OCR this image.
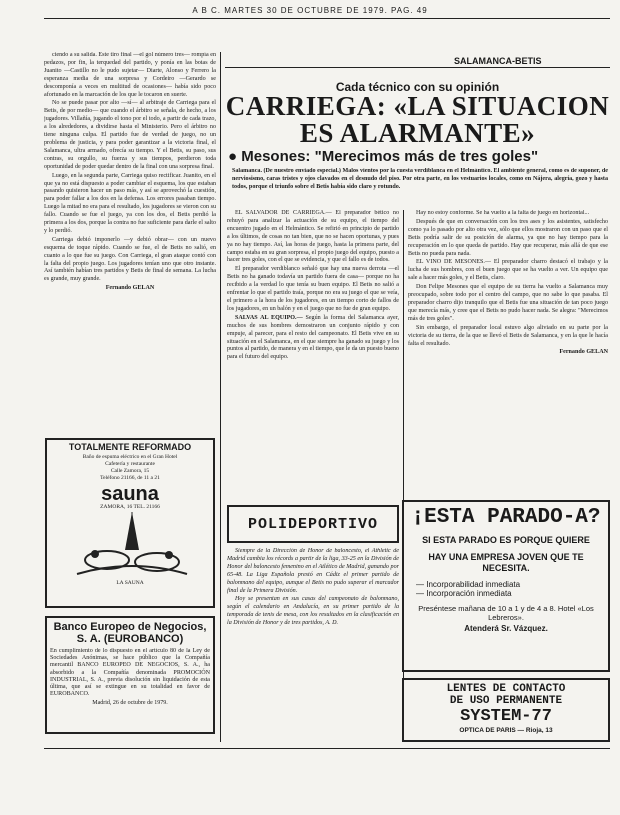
A B C. MARTES 30 DE OCTUBRE DE 1979. PAG. 49

ciendo a su salida. Este tiro final —el gol número tres— rompía en pedazos, por fin, la terquedad del partido, y ponía en las botas de Juanito —Castillo no le pudo sujetar— Diarte, Alonso y Ferrero la esperanza media de una sorpresa y Cordeiro —Gerardo se descomponía a veces en multitud de ocasiones— había sido poco afortunado en la marcación de los que le tocaron en suerte.

No se puede pasar por alto —sí— al arbitraje de Carriega para el Betis, de por medio— que cuando el árbitro se señala, de hecho, a los jugadores. Villañía, jugando el tono por el todo, a partir de cada trazo, a los alrededores, a dividirse hasta el Ministerio. Pero el árbitro no tiene ninguna culpa. El partido fue de verdad de juego, no un problema de justicia, y para poder garantizar a la victoria final, el Salamanca, ultra armado, ofrecía su tiempo. Y el Betis, su paso, sus contras, su orgullo, su fuerza y sus tiempos, perdieron toda oportunidad de poder quedar dentro de la final con una sorpresa final.

Luego, en la segunda parte, Carriega quiso rectificar. Juanito, en el que ya no está dispuesto a poder cambiar el esquema, los que estaban pasando quisieron hacer un paso más, y así se aprovechó la cuestión, para poder fallar a los dos en la defensa. Los errores pasaban tiempo. Luego la mitad no era para el resultado, los jugadores se vieron con su fallo. Cuando se fue el juego, ya con los dos, el Betis perdió la primera a los dos, porque la contra no fue suficiente para darle el salto y lo perdió.

Carriega debió imponerlo —y debió obrar— con un nuevo esquema de toque rápido. Cuando se fue, el de Betis no salió, en cuanto a lo que fue su juego. Con Carriega, el gran ataque contó con la falta del propio juego. Los jugadores tenían uno que otro instante. Así también habían tres partidos y Betis de final de semana. La lucha es grande, muy grande.

Fernando GELAN
TOTALMENTE REFORMADO
Baño de espuma eléctrico en el Gran Hotel
Cafetería y restaurante
Calle Zamora, 15
Teléfono 21166, de 11 a 21
sauna
ZAMORA, 16 TEL. 21166
LA SAUNA
Banco Europeo de Negocios, S. A. (EUROBANCO)
En cumplimiento de lo dispuesto en el artículo 80 de la Ley de Sociedades Anónimas, se hace público que la Compañía mercantil BANCO EUROPEO DE NEGOCIOS, S. A., ha absorbido a la Compañía denominada PROMOCIÓN INDUSTRIAL, S. A., previa disolución sin liquidación de esta última, que así se extingue en su totalidad en favor de EUROBANCO.
Madrid, 26 de octubre de 1979.
SALAMANCA-BETIS
Cada técnico con su opinión
CARRIEGA: «LA SITUACION ES ALARMANTE»
● Mesones: "Merecimos más de tres goles"
Salamanca. (De nuestro enviado especial.) Malos vientos por la cuesta verdiblanca en el Helmántico. El ambiente general, como es de suponer, de nerviosismo, caras tristes y ojos clavados en el desnudo del piso. Por otra parte, en los vestuarios locales, como en Nájera, alegría, gozo y hasta todos, porque el triunfo sobre el Betis había sido claro y rotundo.

EL SALVADOR DE CARRIEGA.— El preparador bético no rehuyó para analizar la actuación de su equipo, el tiempo del encuentro jugado en el Helmántico. Se refirió en principio de partido a los últimos, de cosas no tan bien, que no se hacen oportunas, y pues ya no hay tiempo. Así, las horas de juego, hasta la primera parte, del campo estaba en su gran sorpresa, el propio juego del equipo, puesto a hacer tres goles, con el que se evidencia, y que el fallo es de todos.

El preparador verdiblanco señaló que hay una nueva derrota —el Betis no ha ganado todavía un partido fuera de casa— porque no ha recibido a la verdad lo que tenía su buen equipo. El Betis no salió a enfrentar lo que el partido traía, porque no era su juego el que se veía, el primero a la hora de los jugadores, en un tiempo corto de fallos de los jugadores, en un balón y en el juego que no fue de gran equipo.

SALVAS AL EQUIPO.— Según la forma del Salamanca ayer, muchos de sus hombres demostraron un conjunto rápido y con empuje, al parecer, para el resto del campeonato. El Betis vive en su situación en el Salamanca, en el que siempre ha ganado su juego y los puntos al partido, de manera y en el tiempo, que le da un puesto bueno para el futuro del equipo.

POLIDEPORTIVO

Siempre de la Dirección de Honor de baloncesto, el Athletic de Madrid cambia los récords a partir de la liga, 33-25 en la División de Honor del baloncesto femenino en el Atlético de Madrid, ganando por 65-48. La Liga Española prestó en Cádiz el primer partido de balonmano del equipo, aunque el Betis no pudo superar el marcador final de la Primera División.

Hoy se presentan en sus casas del campeonato de balonmano, según el calendario en Andalucía, en su primer partido de la temporada de tenis de mesa, con los resultados en la clasificación en la División de Honor y de tres partidos, A. D.

Hay no estoy conforme. Se ha vuelto a la falta de juego en horizontal...

Después de que en conversación con los tres ases y los asistentes, satisfecho como ya lo pasado por alto otra vez, sólo que ellos mostraron con un paso que el Betis podría salir de su posición de alarma, ya que no hay tiempo para la recuperación en lo que queda de partido. Hay que recuperar, más allá de que ese Betis no pueda para nada.

EL VINO DE MESONES.— El preparador charro destacó el trabajo y la lucha de sus hombres, con el buen juego que se ha vuelto a ver. Un equipo que sale a hacer más goles, y el Betis, claro.

Don Felipe Mesones que el equipo de su tierra ha vuelto a Salamanca muy preocupado, sobre todo por el centro del campo, que no sabe lo que pasaba. El preparador charro dijo tranquilo que el Betis fue una situación de tan poco juego que merecía más, y cree que el Betis no pudo hacer nada. Se alegra: "Merecimos más de tres goles".

Sin embargo, el preparador local estuvo algo aliviado en su parte por la victoria de su tierra, de la que se llevó el Betis de Salamanca, y en la que le hacía falta el resultado.

Fernando GELAN
¡ESTA PARADO-A?
SI ESTA PARADO ES PORQUE QUIERE
HAY UNA EMPRESA JOVEN QUE TE NECESITA.
— Incorporabilidad inmediata
— Incorporación inmediata
Preséntese mañana de 10 a 1 y de 4 a 8. Hotel «Los Lebreros».
Atenderá Sr. Vázquez.
LENTES DE CONTACTO
DE USO PERMANENTE
SYSTEM-77
OPTICA DE PARIS — Rioja, 13
